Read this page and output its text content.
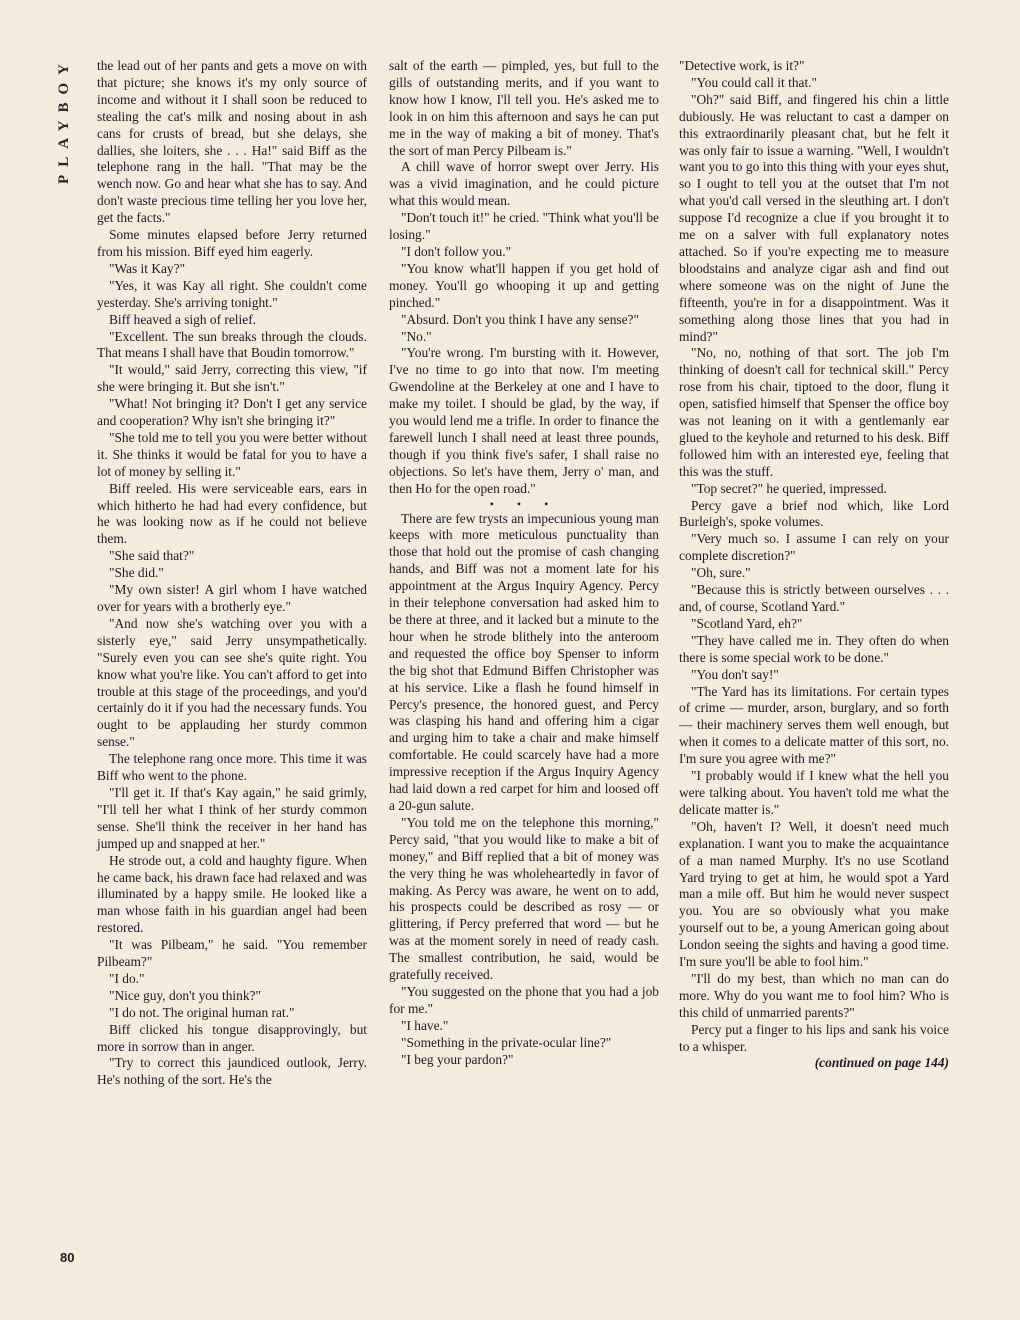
PLAYBOY the lead out of her pants and gets a move on with that picture; she knows it's my only source of income and without it I shall soon be reduced to stealing the cat's milk and nosing about in ash cans for crusts of bread, but she delays, she dallies, she loiters, she . . . Ha!" said Biff as the telephone rang in the hall. "That may be the wench now. Go and hear what she has to say. And don't waste precious time telling her you love her, get the facts."

Some minutes elapsed before Jerry returned from his mission. Biff eyed him eagerly.

"Was it Kay?"

"Yes, it was Kay all right. She couldn't come yesterday. She's arriving tonight."

Biff heaved a sigh of relief.

"Excellent. The sun breaks through the clouds. That means I shall have that Boudin tomorrow."

"It would," said Jerry, correcting this view, "if she were bringing it. But she isn't."

"What! Not bringing it? Don't I get any service and cooperation? Why isn't she bringing it?"

"She told me to tell you you were better without it. She thinks it would be fatal for you to have a lot of money by selling it."

Biff reeled. His were serviceable ears, ears in which hitherto he had had every confidence, but he was looking now as if he could not believe them.

"She said that?"

"She did."

"My own sister! A girl whom I have watched over for years with a brotherly eye."

"And now she's watching over you with a sisterly eye," said Jerry unsympathetically. "Surely even you can see she's quite right. You know what you're like. You can't afford to get into trouble at this stage of the proceedings, and you'd certainly do it if you had the necessary funds. You ought to be applauding her sturdy common sense."

The telephone rang once more. This time it was Biff who went to the phone.

"I'll get it. If that's Kay again," he said grimly, "I'll tell her what I think of her sturdy common sense. She'll think the receiver in her hand has jumped up and snapped at her."

He strode out, a cold and haughty figure. When he came back, his drawn face had relaxed and was illuminated by a happy smile. He looked like a man whose faith in his guardian angel had been restored.

"It was Pilbeam," he said. "You remember Pilbeam?"

"I do."

"Nice guy, don't you think?"

"I do not. The original human rat."

Biff clicked his tongue disapprovingly, but more in sorrow than in anger.

"Try to correct this jaundiced outlook, Jerry. He's nothing of the sort. He's the

salt of the earth — pimpled, yes, but full to the gills of outstanding merits, and if you want to know how I know, I'll tell you. He's asked me to look in on him this afternoon and says he can put me in the way of making a bit of money. That's the sort of man Percy Pilbeam is."

A chill wave of horror swept over Jerry. His was a vivid imagination, and he could picture what this would mean.

"Don't touch it!" he cried. "Think what you'll be losing."

"I don't follow you."

"You know what'll happen if you get hold of money. You'll go whooping it up and getting pinched."

"Absurd. Don't you think I have any sense?"

"No."

"You're wrong. I'm bursting with it. However, I've no time to go into that now. I'm meeting Gwendoline at the Berkeley at one and I have to make my toilet. I should be glad, by the way, if you would lend me a trifle. In order to finance the farewell lunch I shall need at least three pounds, though if you think five's safer, I shall raise no objections. So let's have them, Jerry o' man, and then Ho for the open road."

• • •

There are few trysts an impecunious young man keeps with more meticulous punctuality than those that hold out the promise of cash changing hands, and Biff was not a moment late for his appointment at the Argus Inquiry Agency. Percy in their telephone conversation had asked him to be there at three, and it lacked but a minute to the hour when he strode blithely into the anteroom and requested the office boy Spenser to inform the big shot that Edmund Biffen Christopher was at his service. Like a flash he found himself in Percy's presence, the honored guest, and Percy was clasping his hand and offering him a cigar and urging him to take a chair and make himself comfortable. He could scarcely have had a more impressive reception if the Argus Inquiry Agency had laid down a red carpet for him and loosed off a 20-gun salute.

"You told me on the telephone this morning," Percy said, "that you would like to make a bit of money," and Biff replied that a bit of money was the very thing he was wholeheartedly in favor of making. As Percy was aware, he went on to add, his prospects could be described as rosy — or glittering, if Percy preferred that word — but he was at the moment sorely in need of ready cash. The smallest contribution, he said, would be gratefully received.

"You suggested on the phone that you had a job for me."

"I have."

"Something in the private-ocular line?"

"I beg your pardon?"

"Detective work, is it?"

"You could call it that."

"Oh?" said Biff, and fingered his chin a little dubiously. He was reluctant to cast a damper on this extraordinarily pleasant chat, but he felt it was only fair to issue a warning. "Well, I wouldn't want you to go into this thing with your eyes shut, so I ought to tell you at the outset that I'm not what you'd call versed in the sleuthing art. I don't suppose I'd recognize a clue if you brought it to me on a salver with full explanatory notes attached. So if you're expecting me to measure bloodstains and analyze cigar ash and find out where someone was on the night of June the fifteenth, you're in for a disappointment. Was it something along those lines that you had in mind?"

"No, no, nothing of that sort. The job I'm thinking of doesn't call for technical skill." Percy rose from his chair, tiptoed to the door, flung it open, satisfied himself that Spenser the office boy was not leaning on it with a gentlemanly ear glued to the keyhole and returned to his desk. Biff followed him with an interested eye, feeling that this was the stuff.

"Top secret?" he queried, impressed.

Percy gave a brief nod which, like Lord Burleigh's, spoke volumes.

"Very much so. I assume I can rely on your complete discretion?"

"Oh, sure."

"Because this is strictly between ourselves . . . and, of course, Scotland Yard."

"Scotland Yard, eh?"

"They have called me in. They often do when there is some special work to be done."

"You don't say!"

"The Yard has its limitations. For certain types of crime — murder, arson, burglary, and so forth — their machinery serves them well enough, but when it comes to a delicate matter of this sort, no. I'm sure you agree with me?"

"I probably would if I knew what the hell you were talking about. You haven't told me what the delicate matter is."

"Oh, haven't I? Well, it doesn't need much explanation. I want you to make the acquaintance of a man named Murphy. It's no use Scotland Yard trying to get at him, he would spot a Yard man a mile off. But him he would never suspect you. You are so obviously what you make yourself out to be, a young American going about London seeing the sights and having a good time. I'm sure you'll be able to fool him."

"I'll do my best, than which no man can do more. Why do you want me to fool him? Who is this child of unmarried parents?"

Percy put a finger to his lips and sank his voice to a whisper.

(continued on page 144)

80
